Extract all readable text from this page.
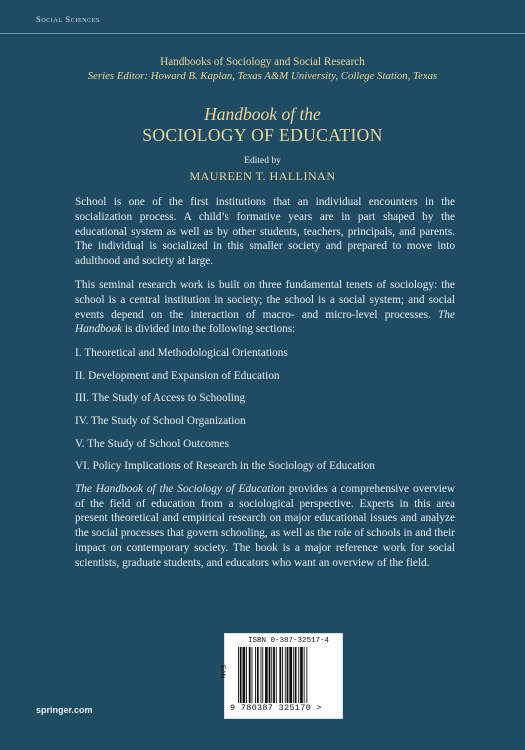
Social Sciences
Handbooks of Sociology and Social Research
Series Editor: Howard B. Kaplan, Texas A&M University, College Station, Texas
Handbook of the
SOCIOLOGY OF EDUCATION
Edited by
MAUREEN T. HALLINAN

School is one of the first institutions that an individual encounters in the socialization process. A child’s formative years are in part shaped by the educational system as well as by other students, teachers, principals, and parents. The individual is socialized in this smaller society and prepared to move into adulthood and society at large.

This seminal research work is built on three fundamental tenets of sociology: the school is a central institution in society; the school is a social system; and social events depend on the interaction of macro- and micro-level processes. The Handbook is divided into the following sections:

I. Theoretical and Methodological Orientations
II. Development and Expansion of Education
III. The Study of Access to Schooling
IV. The Study of School Organization
V. The Study of School Outcomes
VI. Policy Implications of Research in the Sociology of Education

The Handbook of the Sociology of Education provides a comprehensive overview of the field of education from a sociological perspective. Experts in this area present theoretical and empirical research on major educational issues and analyze the social processes that govern schooling, as well as the role of schools in and their impact on contemporary society. The book is a major reference work for social scientists, graduate students, and educators who want an overview of the field.

ISBN 0-387-32517-4
EAN
9 780387 325170 >
springer.com
